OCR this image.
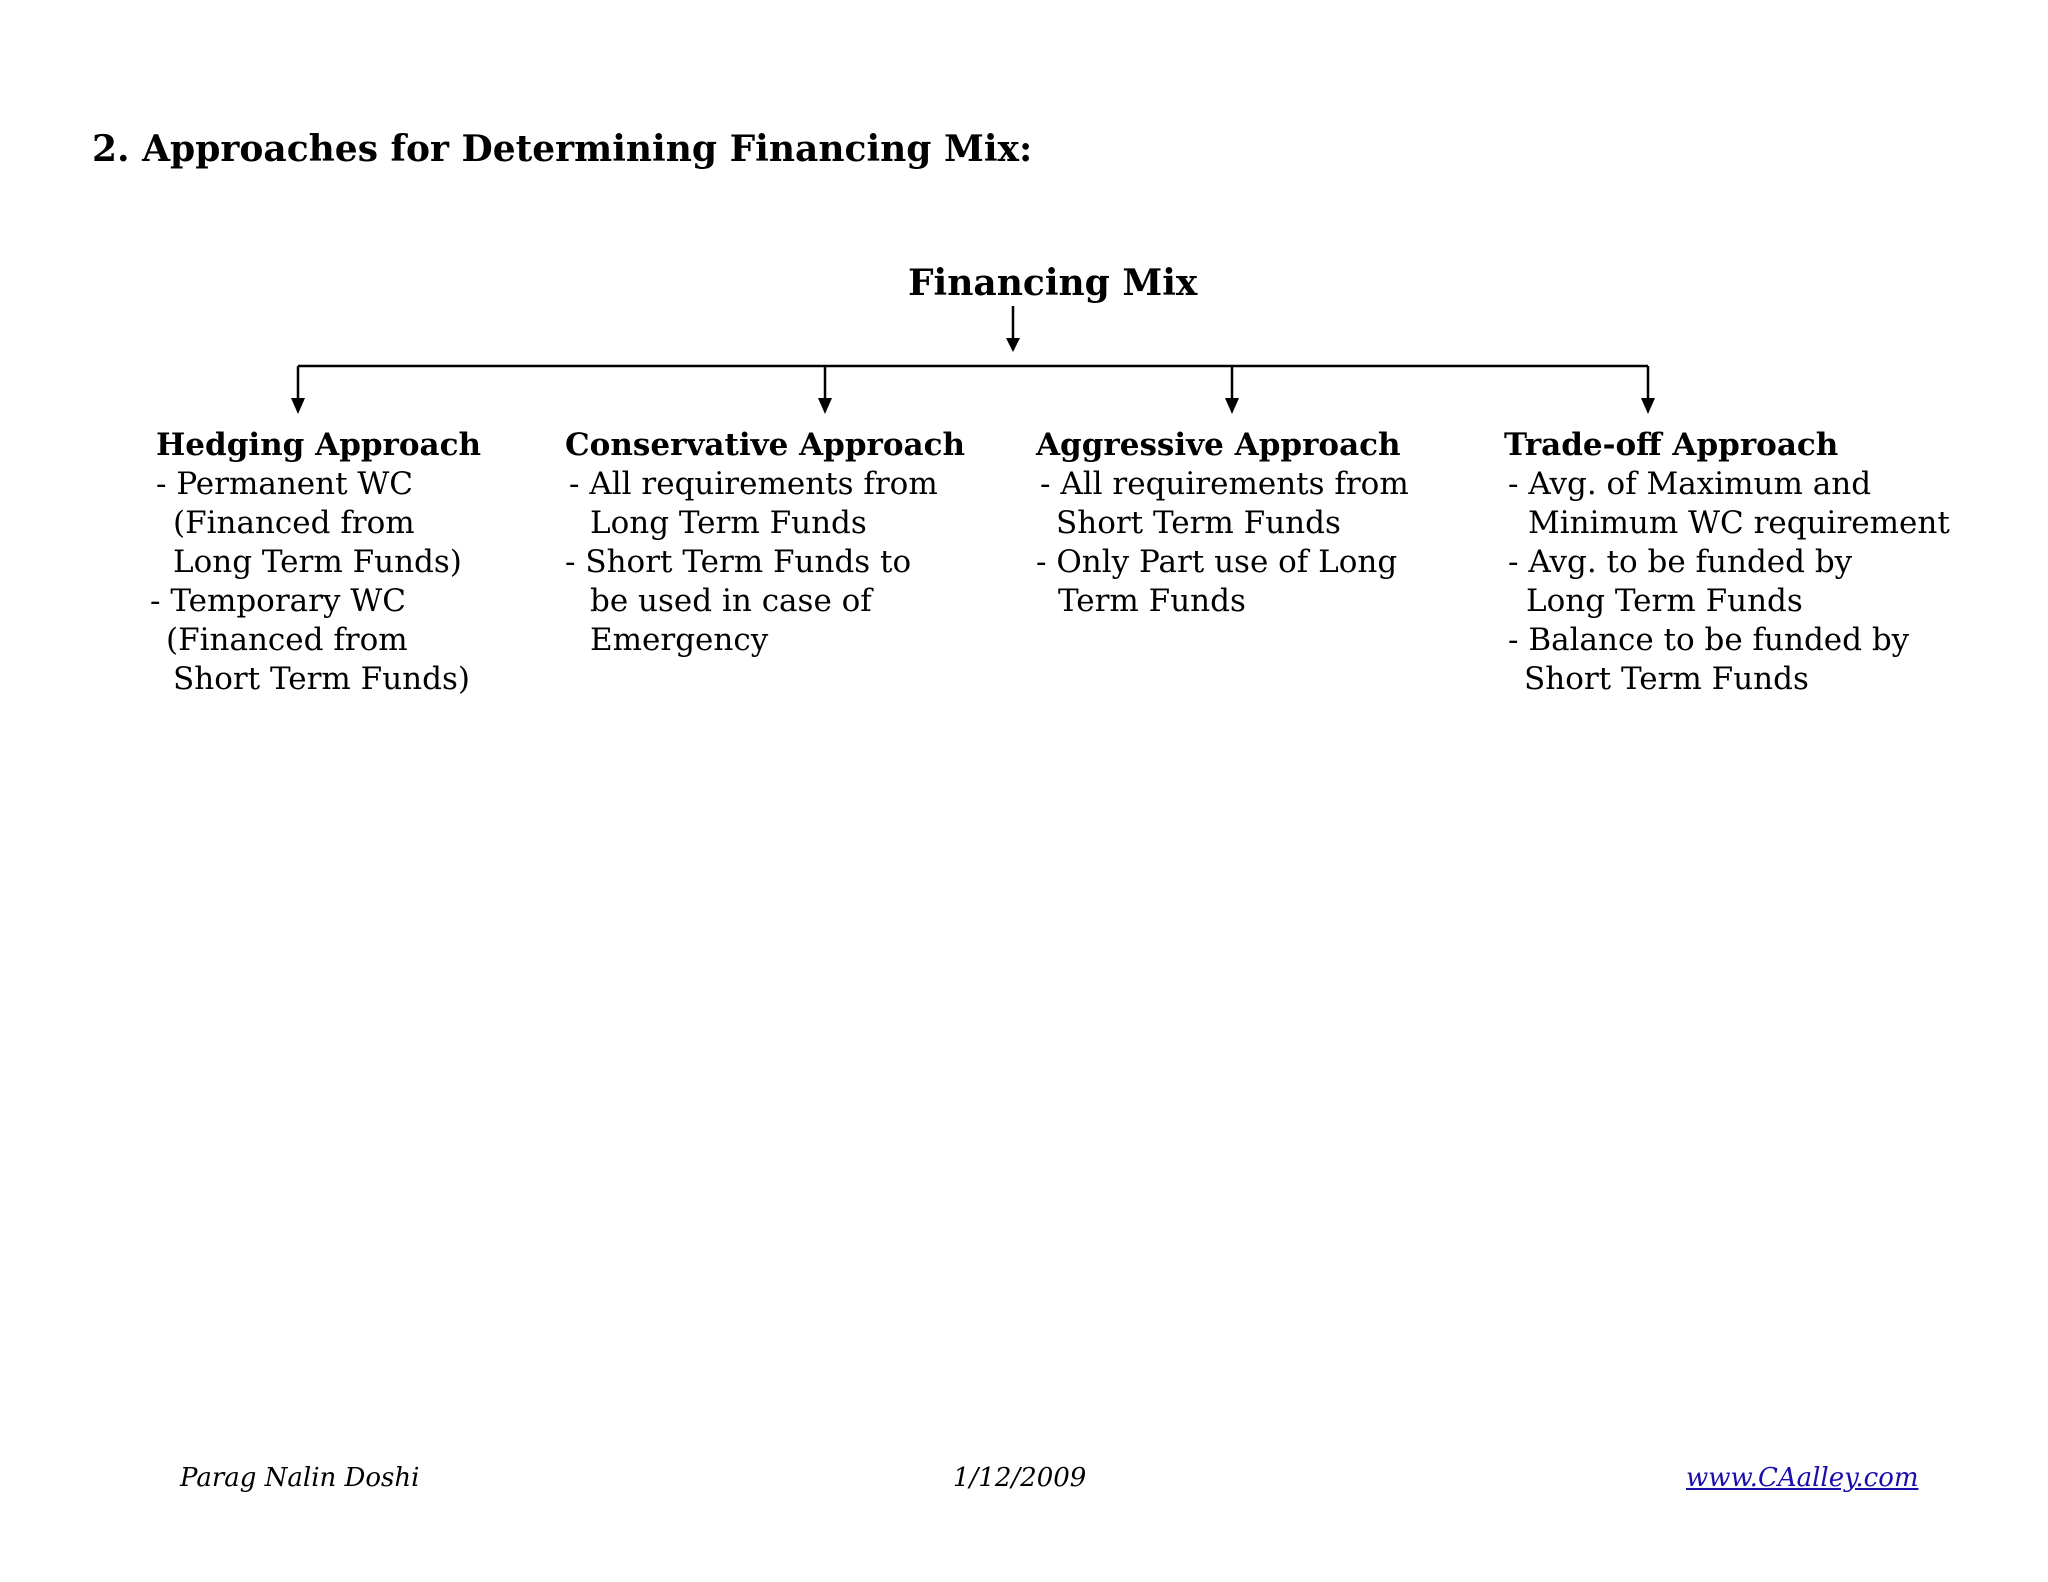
2. Approaches for Determining Financing Mix:
Financing Mix
Hedging Approach
- Permanent WC
(Financed from
Long Term Funds)
- Temporary WC
(Financed from
Short Term Funds)
Conservative Approach
- All requirements from
Long Term Funds
- Short Term Funds to
be used in case of
Emergency
Aggressive Approach
- All requirements from
Short Term Funds
- Only Part use of Long
Term Funds
Trade-off Approach
- Avg. of Maximum and
Minimum WC requirement
- Avg. to be funded by
Long Term Funds
- Balance to be funded by
Short Term Funds
Parag Nalin Doshi	1/12/2009	www.CAalley.com
